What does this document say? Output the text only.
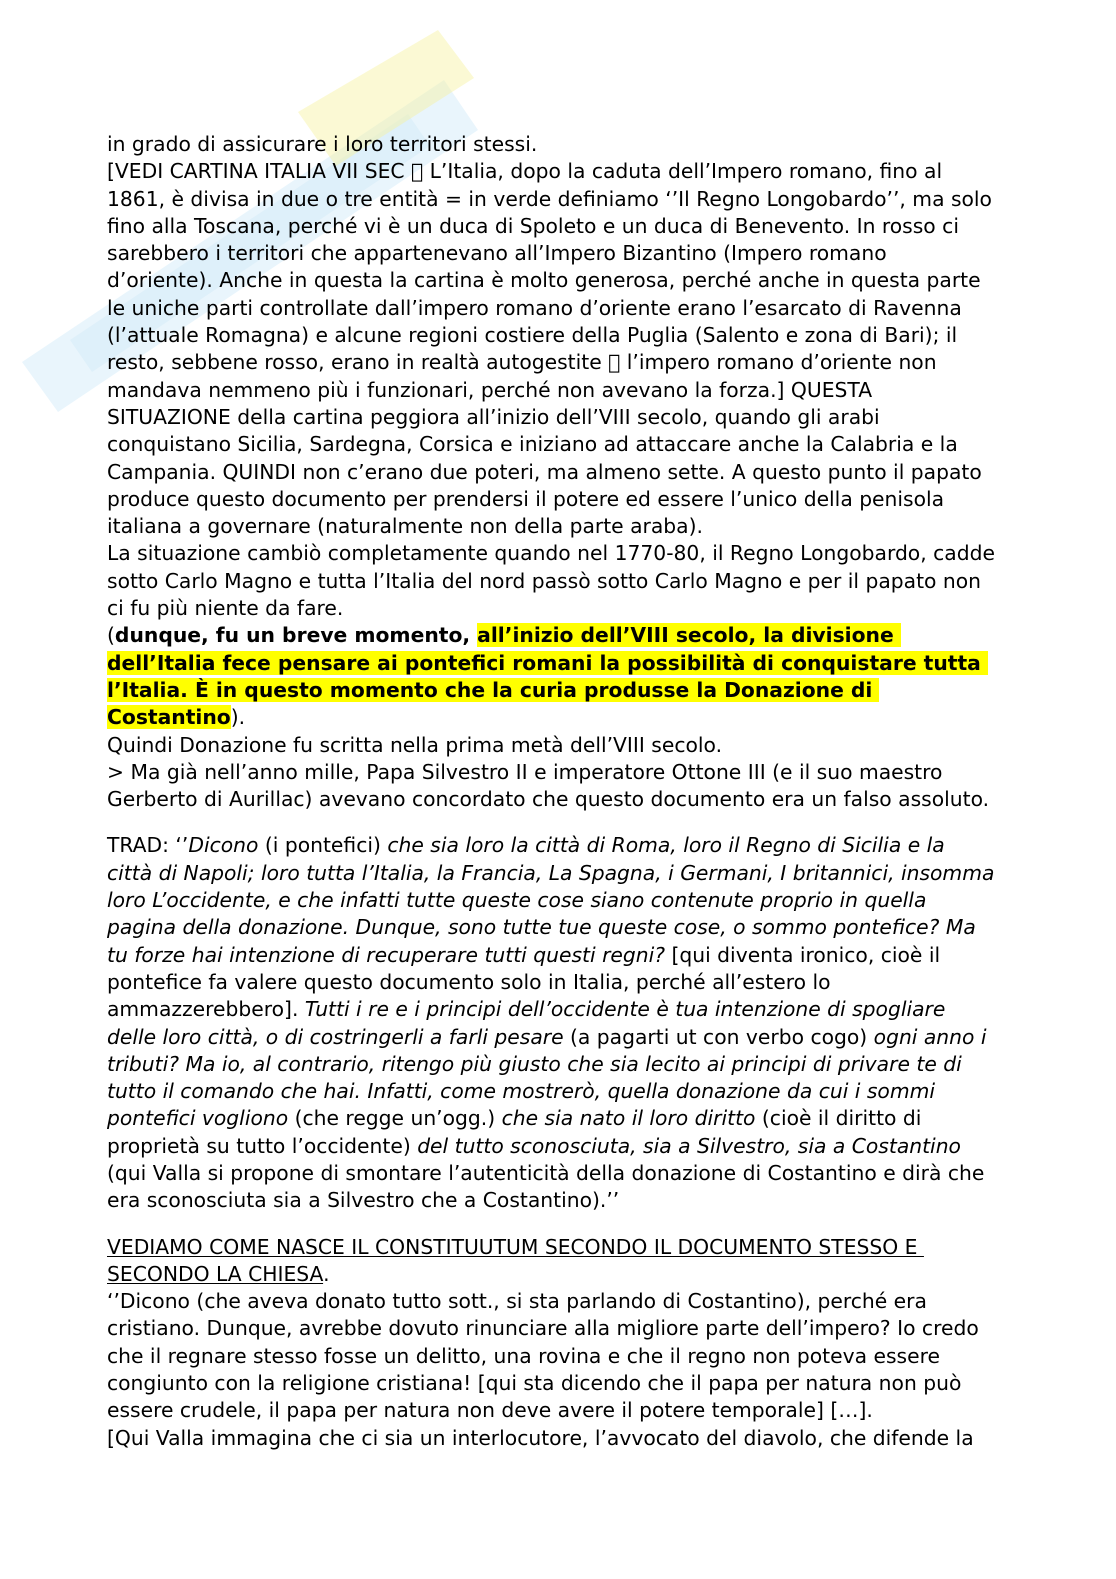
in grado di assicurare i loro territori stessi.
[VEDI CARTINA ITALIA VII SEC   L’Italia, dopo la caduta dell’Impero romano, fino al
1861, è divisa in due o tre entità = in verde definiamo ‘’Il Regno Longobardo’’, ma solo
fino alla Toscana, perché vi è un duca di Spoleto e un duca di Benevento. In rosso ci
sarebbero i territori che appartenevano all’Impero Bizantino (Impero romano
d’oriente). Anche in questa la cartina è molto generosa, perché anche in questa parte
le uniche parti controllate dall’impero romano d’oriente erano l’esarcato di Ravenna
(l’attuale Romagna) e alcune regioni costiere della Puglia (Salento e zona di Bari); il
resto, sebbene rosso, erano in realtà autogestite   l’impero romano d’oriente non
mandava nemmeno più i funzionari, perché non avevano la forza.] QUESTA
SITUAZIONE della cartina peggiora all’inizio dell’VIII secolo, quando gli arabi
conquistano Sicilia, Sardegna, Corsica e iniziano ad attaccare anche la Calabria e la
Campania. QUINDI non c’erano due poteri, ma almeno sette. A questo punto il papato
produce questo documento per prendersi il potere ed essere l’unico della penisola
italiana a governare (naturalmente non della parte araba).
La situazione cambiò completamente quando nel 1770-80, il Regno Longobardo, cadde
sotto Carlo Magno e tutta l’Italia del nord passò sotto Carlo Magno e per il papato non
ci fu più niente da fare.
(dunque, fu un breve momento, all’inizio dell’VIII secolo, la divisione
dell’Italia fece pensare ai pontefici romani la possibilità di conquistare tutta
l’Italia. È in questo momento che la curia produsse la Donazione di
Costantino).
Quindi Donazione fu scritta nella prima metà dell’VIII secolo.
> Ma già nell’anno mille, Papa Silvestro II e imperatore Ottone III (e il suo maestro
Gerberto di Aurillac) avevano concordato che questo documento era un falso assoluto.
TRAD: ‘’Dicono (i pontefici) che sia loro la città di Roma, loro il Regno di Sicilia e la
città di Napoli; loro tutta l’Italia, la Francia, La Spagna, i Germani, I britannici, insomma
loro L’occidente, e che infatti tutte queste cose siano contenute proprio in quella
pagina della donazione. Dunque, sono tutte tue queste cose, o sommo pontefice? Ma
tu forze hai intenzione di recuperare tutti questi regni? [qui diventa ironico, cioè il
pontefice fa valere questo documento solo in Italia, perché all’estero lo
ammazzerebbero]. Tutti i re e i principi dell’occidente è tua intenzione di spogliare
delle loro città, o di costringerli a farli pesare (a pagarti ut con verbo cogo) ogni anno i
tributi? Ma io, al contrario, ritengo più giusto che sia lecito ai principi di privare te di
tutto il comando che hai. Infatti, come mostrerò, quella donazione da cui i sommi
pontefici vogliono (che regge un’ogg.) che sia nato il loro diritto (cioè il diritto di
proprietà su tutto l’occidente) del tutto sconosciuta, sia a Silvestro, sia a Costantino
(qui Valla si propone di smontare l’autenticità della donazione di Costantino e dirà che
era sconosciuta sia a Silvestro che a Costantino).’’
VEDIAMO COME NASCE IL CONSTITUUTUM SECONDO IL DOCUMENTO STESSO E
SECONDO LA CHIESA.
‘’Dicono (che aveva donato tutto sott., si sta parlando di Costantino), perché era
cristiano. Dunque, avrebbe dovuto rinunciare alla migliore parte dell’impero? Io credo
che il regnare stesso fosse un delitto, una rovina e che il regno non poteva essere
congiunto con la religione cristiana! [qui sta dicendo che il papa per natura non può
essere crudele, il papa per natura non deve avere il potere temporale] […].
[Qui Valla immagina che ci sia un interlocutore, l’avvocato del diavolo, che difende la
